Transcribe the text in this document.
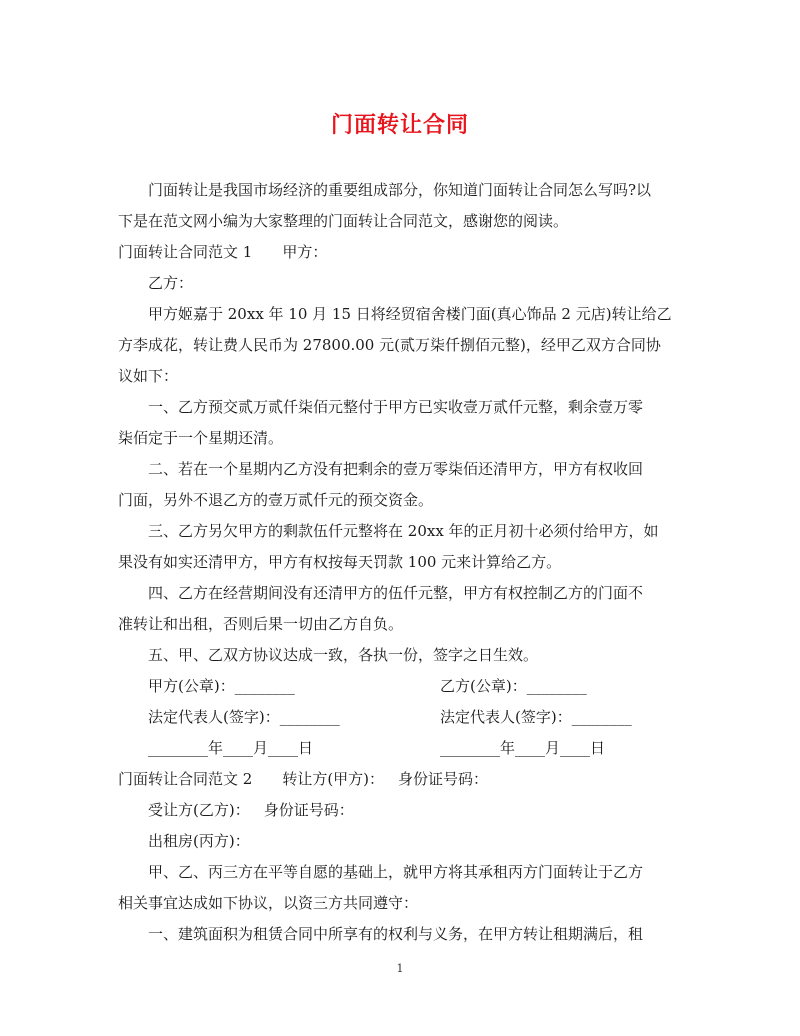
门面转让合同
门面转让是我国市场经济的重要组成部分，你知道门面转让合同怎么写吗?以
下是在范文网小编为大家整理的门面转让合同范文，感谢您的阅读。
门面转让合同范文 1 甲方：
乙方：
甲方姬嘉于 20xx 年 10 月 15 日将经贸宿舍楼门面(真心饰品 2 元店)转让给乙
方李成花，转让费人民币为 27800.00 元(贰万柒仟捌佰元整)，经甲乙双方合同协
议如下：
一、乙方预交贰万贰仟柒佰元整付于甲方已实收壹万贰仟元整，剩余壹万零
柒佰定于一个星期还清。
二、若在一个星期内乙方没有把剩余的壹万零柒佰还清甲方，甲方有权收回
门面，另外不退乙方的壹万贰仟元的预交资金。
三、乙方另欠甲方的剩款伍仟元整将在 20xx 年的正月初十必须付给甲方，如
果没有如实还清甲方，甲方有权按每天罚款 100 元来计算给乙方。
四、乙方在经营期间没有还清甲方的伍仟元整，甲方有权控制乙方的门面不
准转让和出租，否则后果一切由乙方自负。
五、甲、乙双方协议达成一致，各执一份，签字之日生效。
甲方(公章)：________	乙方(公章)：________
法定代表人(签字)：________	法定代表人(签字)：________
________年____月____日	________年____月____日
门面转让合同范文 2 转让方(甲方)： 身份证号码：
受让方(乙方)： 身份证号码：
出租房(丙方)：
甲、乙、丙三方在平等自愿的基础上，就甲方将其承租丙方门面转让于乙方
相关事宜达成如下协议，以资三方共同遵守：
一、建筑面积为租赁合同中所享有的权利与义务，在甲方转让租期满后，租
1
